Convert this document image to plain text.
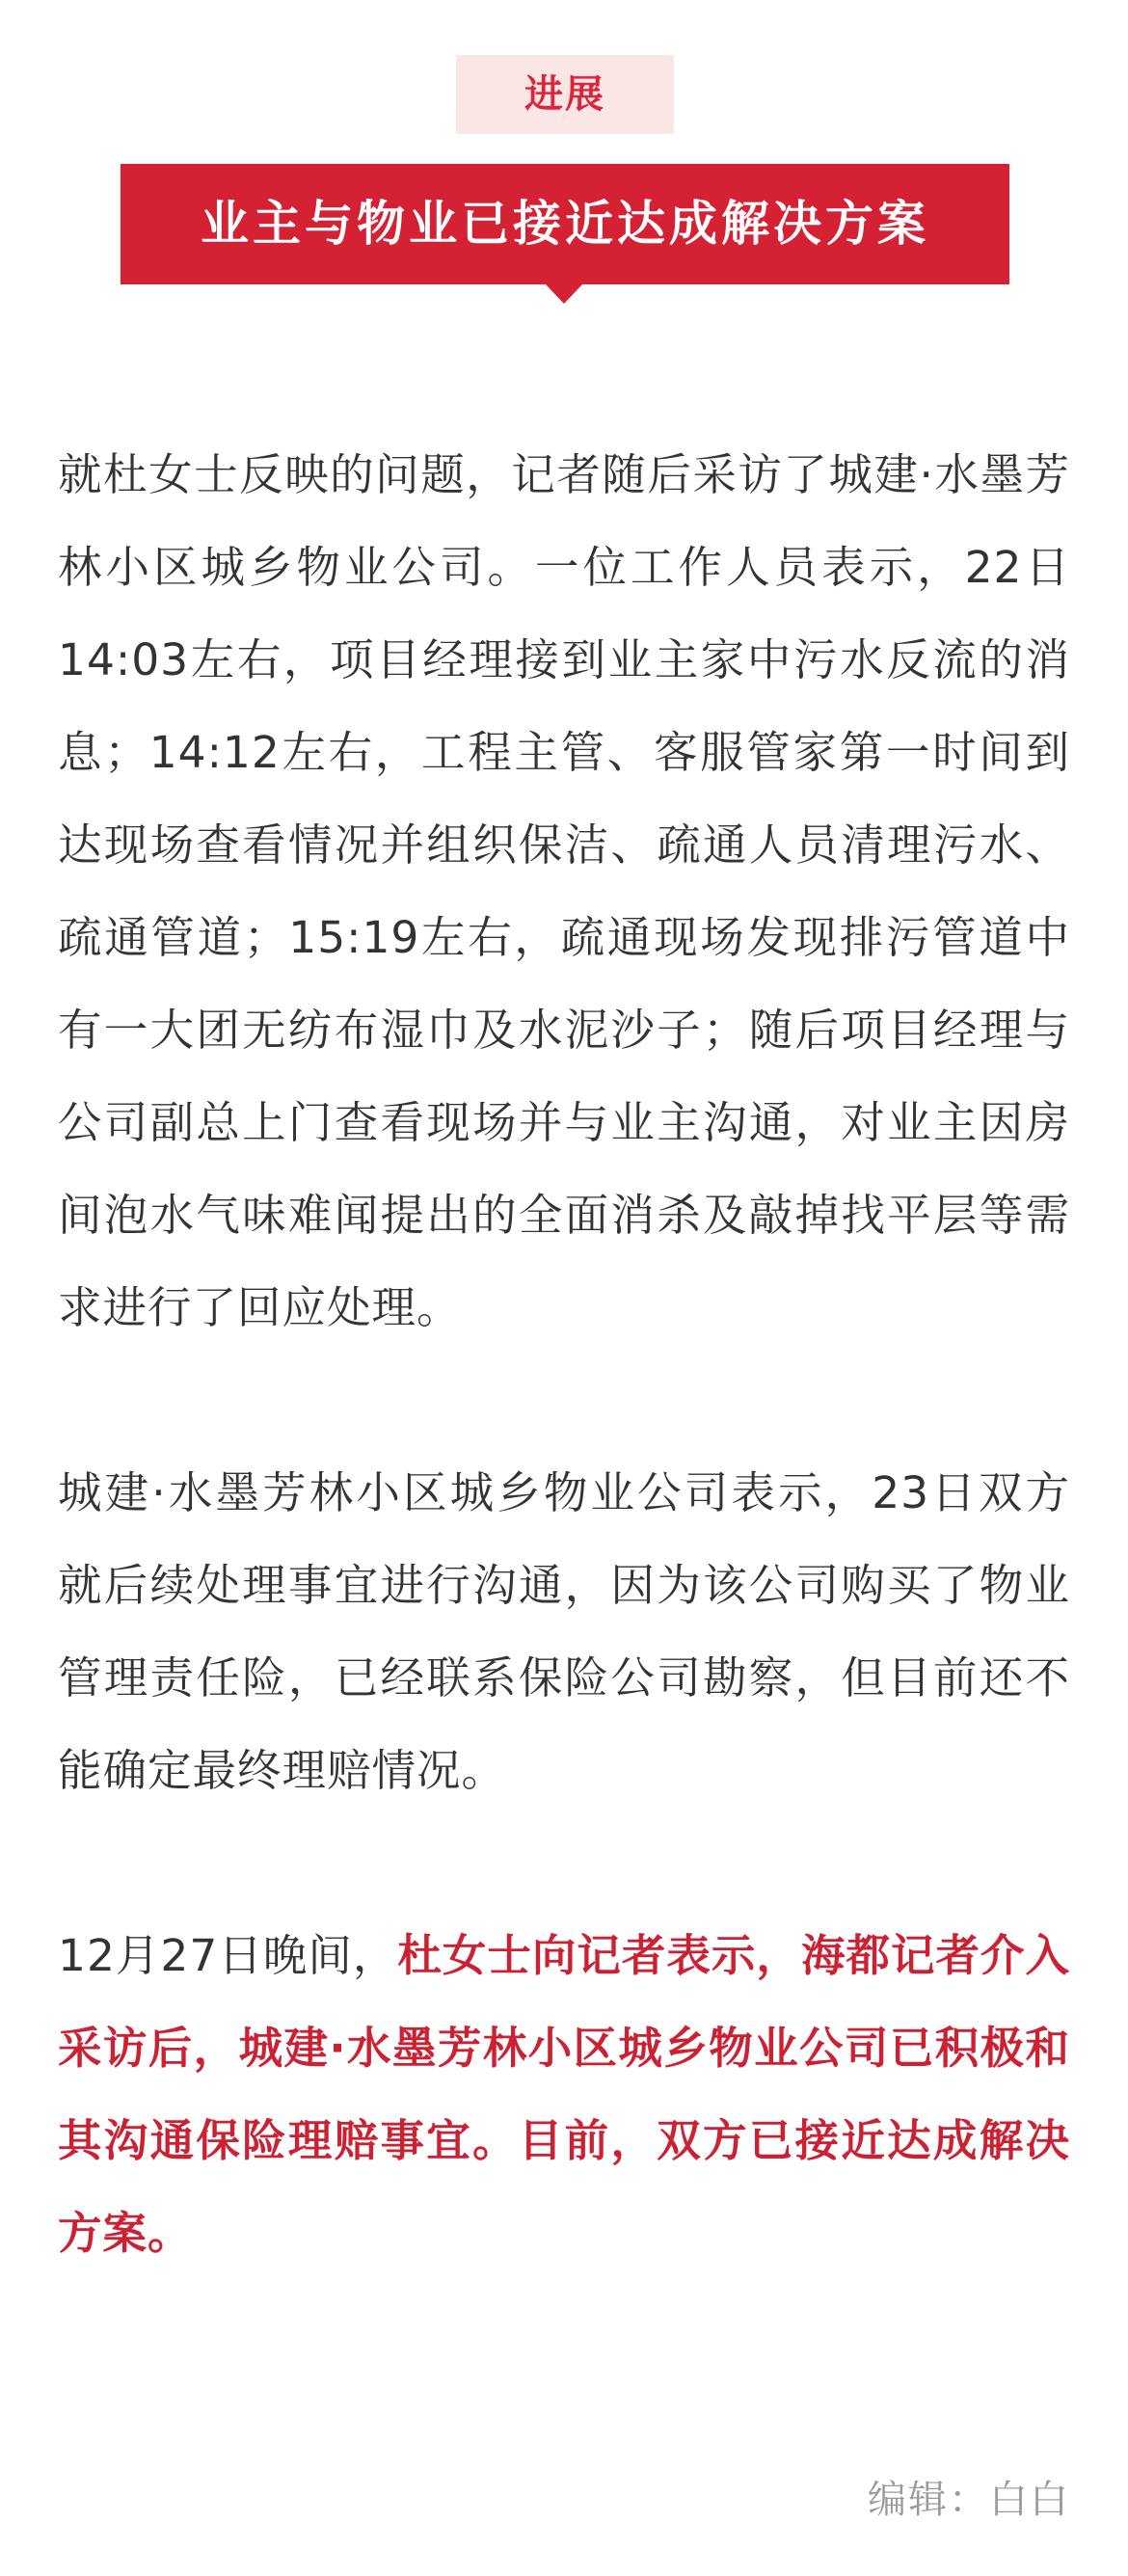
进展
业主与物业已接近达成解决方案

就杜女士反映的问题，记者随后采访了城建·水墨芳林小区城乡物业公司。一位工作人员表示，22日14:03左右，项目经理接到业主家中污水反流的消息；14:12左右，工程主管、客服管家第一时间到达现场查看情况并组织保洁、疏通人员清理污水、疏通管道；15:19左右，疏通现场发现排污管道中有一大团无纺布湿巾及水泥沙子；随后项目经理与公司副总上门查看现场并与业主沟通，对业主因房间泡水气味难闻提出的全面消杀及敲掉找平层等需求进行了回应处理。

城建·水墨芳林小区城乡物业公司表示，23日双方就后续处理事宜进行沟通，因为该公司购买了物业管理责任险，已经联系保险公司勘察，但目前还不能确定最终理赔情况。

12月27日晚间，杜女士向记者表示，海都记者介入采访后，城建·水墨芳林小区城乡物业公司已积极和其沟通保险理赔事宜。目前，双方已接近达成解决方案。

编辑：白白
